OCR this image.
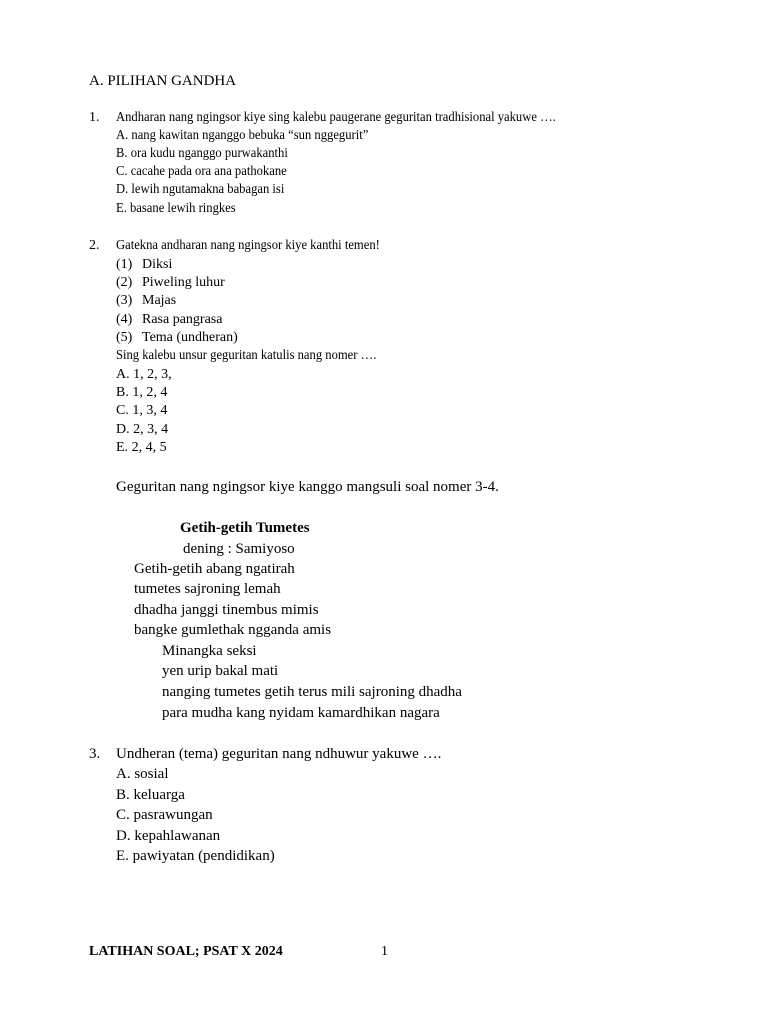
A. PILIHAN GANDHA
1. Andharan nang ngingsor kiye sing kalebu paugerane geguritan tradhisional yakuwe ….
A. nang kawitan nganggo bebuka “sun nggegurit”
B. ora kudu nganggo purwakanthi
C. cacahe pada ora ana pathokane
D. lewih ngutamakna babagan isi
E. basane lewih ringkes
2. Gatekna andharan nang ngingsor kiye kanthi temen!
(1) Diksi
(2) Piweling luhur
(3) Majas
(4) Rasa pangrasa
(5) Tema (undheran)
Sing kalebu unsur geguritan katulis nang nomer ….
A. 1, 2, 3,
B. 1, 2, 4
C. 1, 3, 4
D. 2, 3, 4
E. 2, 4, 5
Geguritan nang ngingsor kiye kanggo mangsuli soal nomer 3-4.
Getih-getih Tumetes
dening : Samiyoso
Getih-getih abang ngatirah
tumetes sajroning lemah
dhadha janggi tinembus mimis
bangke gumlethak ngganda amis
Minangka seksi
yen urip bakal mati
nanging tumetes getih terus mili sajroning dhadha
para mudha kang nyidam kamardhikan nagara
3. Undheran (tema) geguritan nang ndhuwur yakuwe ….
A. sosial
B. keluarga
C. pasrawungan
D. kepahlawanan
E. pawiyatan (pendidikan)
LATIHAN SOAL; PSAT X 2024	1
